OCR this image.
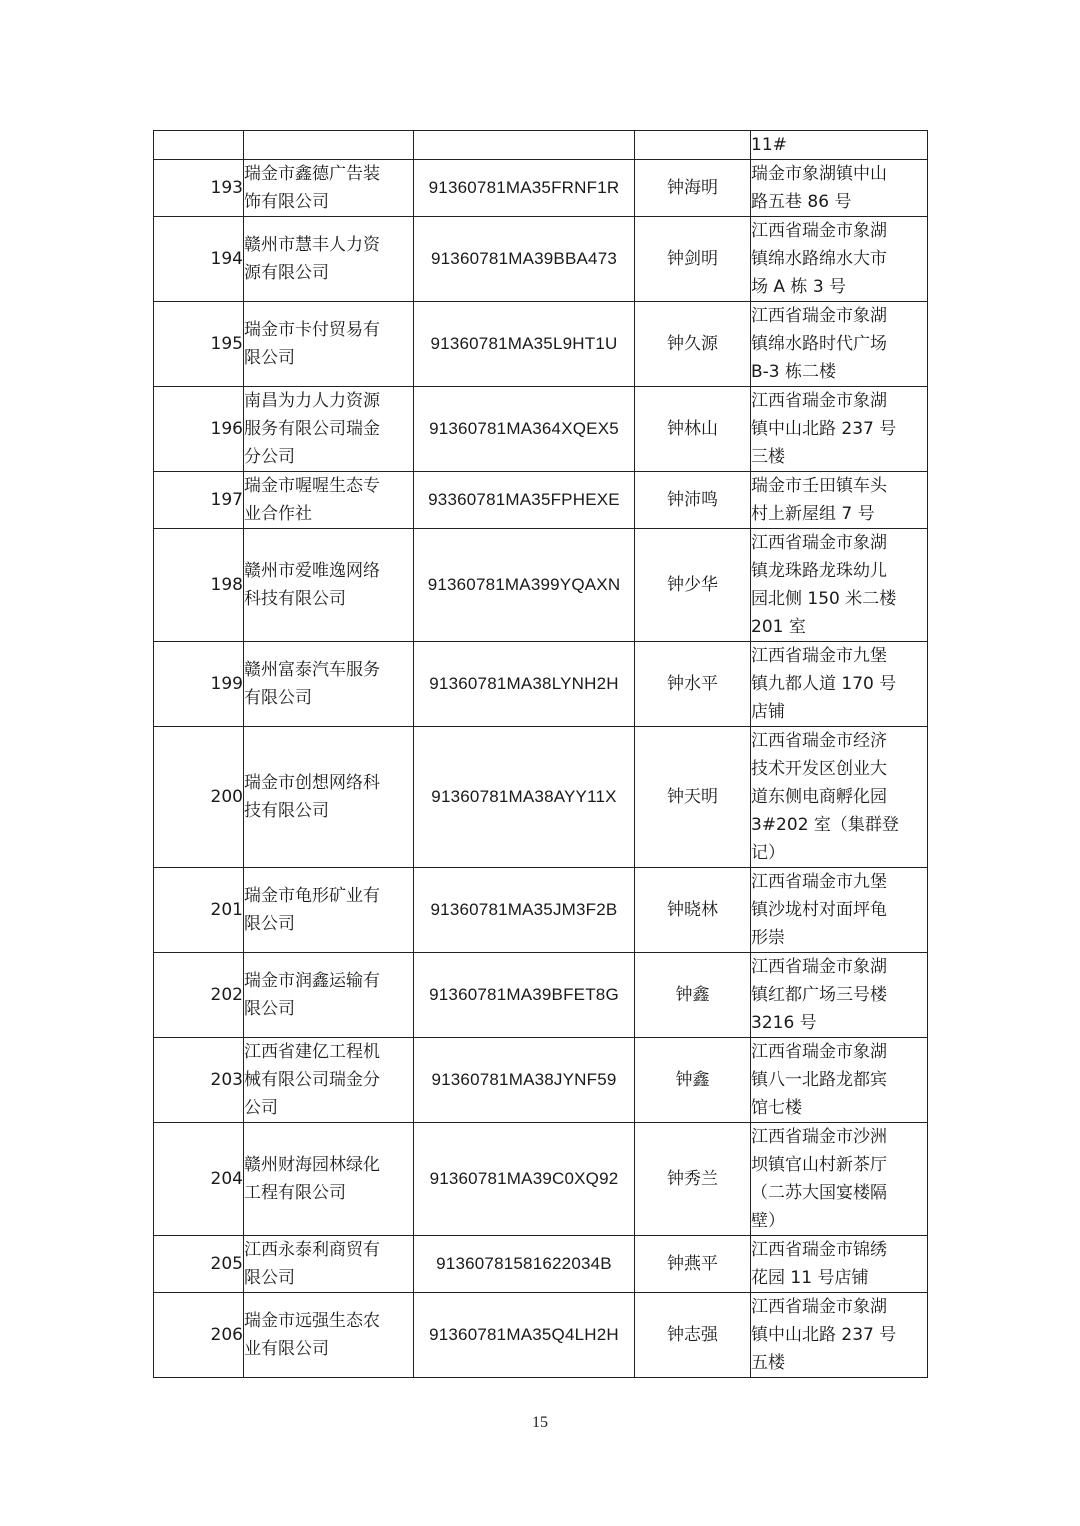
				11#

193	瑞金市鑫德广告装
饰有限公司	91360781MA35FRNF1R	钟海明	瑞金市象湖镇中山
路五巷 86 号

194	赣州市慧丰人力资
源有限公司	91360781MA39BBA473	钟剑明	江西省瑞金市象湖
镇绵水路绵水大市
场 A 栋 3 号

195	瑞金市卡付贸易有
限公司	91360781MA35L9HT1U	钟久源	江西省瑞金市象湖
镇绵水路时代广场
B-3 栋二楼

196	南昌为力人力资源
服务有限公司瑞金
分公司	91360781MA364XQEX5	钟林山	江西省瑞金市象湖
镇中山北路 237 号
三楼

197	瑞金市喔喔生态专
业合作社	93360781MA35FPHEXE	钟沛鸣	瑞金市壬田镇车头
村上新屋组 7 号

198	赣州市爱唯逸网络
科技有限公司	91360781MA399YQAXN	钟少华	江西省瑞金市象湖
镇龙珠路龙珠幼儿
园北侧 150 米二楼
201 室

199	赣州富泰汽车服务
有限公司	91360781MA38LYNH2H	钟水平	江西省瑞金市九堡
镇九都人道 170 号
店铺

200	瑞金市创想网络科
技有限公司	91360781MA38AYY11X	钟天明	江西省瑞金市经济
技术开发区创业大
道东侧电商孵化园
3#202 室（集群登
记）

201	瑞金市龟形矿业有
限公司	91360781MA35JM3F2B	钟晓林	江西省瑞金市九堡
镇沙垅村对面坪龟
形崇

202	瑞金市润鑫运输有
限公司	91360781MA39BFET8G	钟鑫	江西省瑞金市象湖
镇红都广场三号楼
3216 号

203	江西省建亿工程机
械有限公司瑞金分
公司	91360781MA38JYNF59	钟鑫	江西省瑞金市象湖
镇八一北路龙都宾
馆七楼

204	赣州财海园林绿化
工程有限公司	91360781MA39C0XQ92	钟秀兰	江西省瑞金市沙洲
坝镇官山村新茶厅
（二苏大国宴楼隔
壁）

205	江西永泰利商贸有
限公司	91360781581622034B	钟燕平	江西省瑞金市锦绣
花园 11 号店铺

206	瑞金市远强生态农
业有限公司	91360781MA35Q4LH2H	钟志强	江西省瑞金市象湖
镇中山北路 237 号
五楼
15
